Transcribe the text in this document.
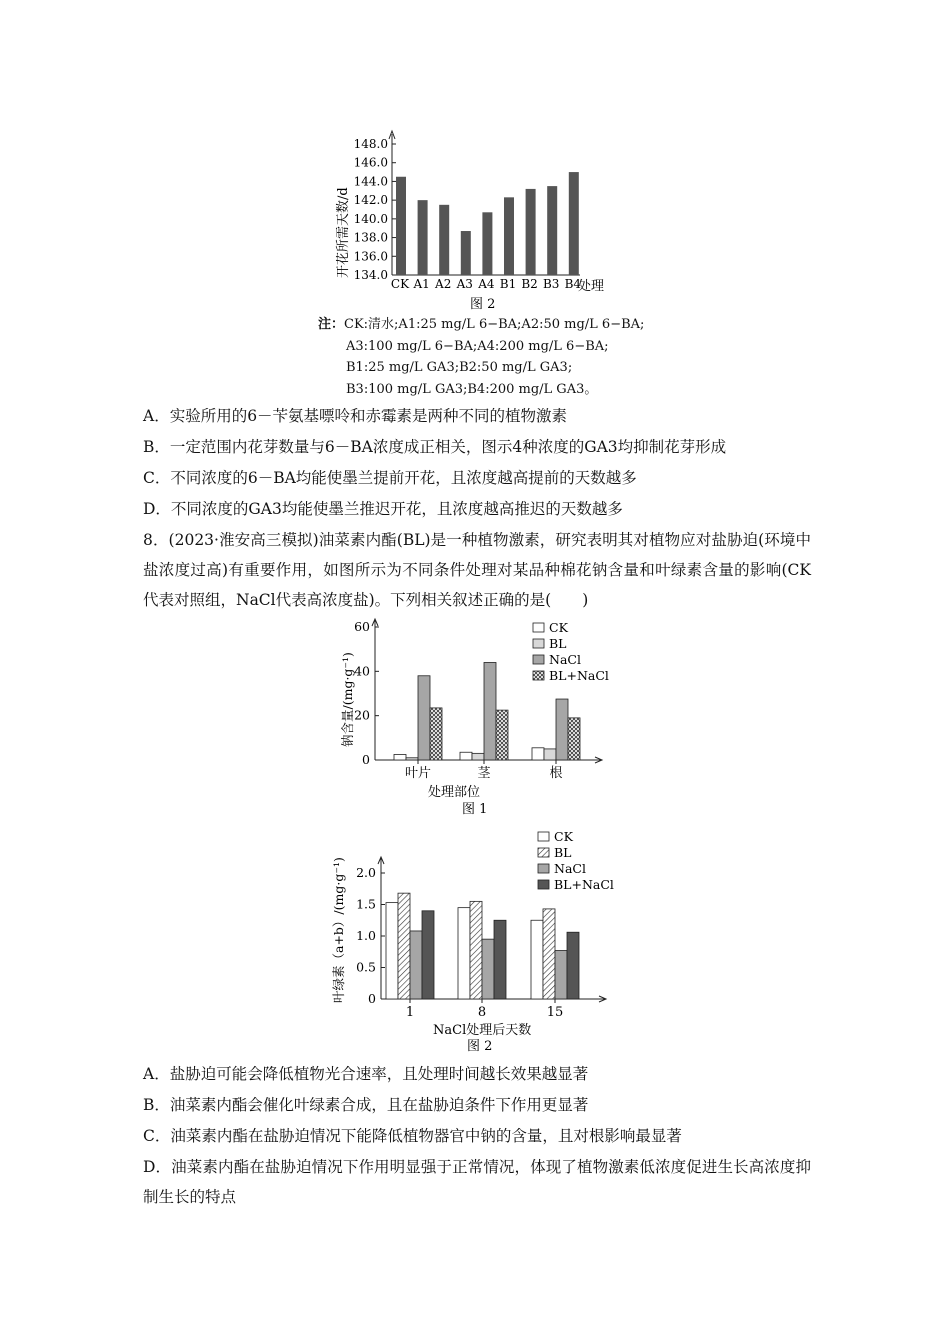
134.0
136.0
138.0
140.0
142.0
144.0
146.0
148.0
CK A1 A2 A3 A4 B1 B2 B3 B4
处理
开花所需天数/d
图 2
注：CK:清水;A1:25 mg/L 6−BA;A2:50 mg/L 6−BA;
A3:100 mg/L 6−BA;A4:200 mg/L 6−BA;
B1:25 mg/L GA3;B2:50 mg/L GA3;
B3:100 mg/L GA3;B4:200 mg/L GA3。
A．实验所用的6－苄氨基嘌呤和赤霉素是两种不同的植物激素
B．一定范围内花芽数量与6－BA浓度成正相关，图示4种浓度的GA3均抑制花芽形成
C．不同浓度的6－BA均能使墨兰提前开花，且浓度越高提前的天数越多
D．不同浓度的GA3均能使墨兰推迟开花，且浓度越高推迟的天数越多
8．(2023·淮安高三模拟)油菜素内酯(BL)是一种植物激素，研究表明其对植物应对盐胁迫(环境中盐浓度过高)有重要作用，如图所示为不同条件处理对某品种棉花钠含量和叶绿素含量的影响(CK代表对照组，NaCl代表高浓度盐)。下列相关叙述正确的是(　　)
0
20
40
60
叶片	茎	根
CK
BL
NaCl
BL+NaCl
处理部位
钠含量/(mg·g⁻¹)
图 1
0
0.5
1.0
1.5
2.0
1	8	15
CK
BL
NaCl
BL+NaCl
NaCl处理后天数
叶绿素（a+b）/(mg·g⁻¹)
图 2
A．盐胁迫可能会降低植物光合速率，且处理时间越长效果越显著
B．油菜素内酯会催化叶绿素合成，且在盐胁迫条件下作用更显著
C．油菜素内酯在盐胁迫情况下能降低植物器官中钠的含量，且对根影响最显著
D．油菜素内酯在盐胁迫情况下作用明显强于正常情况，体现了植物激素低浓度促进生长高浓度抑制生长的特点
